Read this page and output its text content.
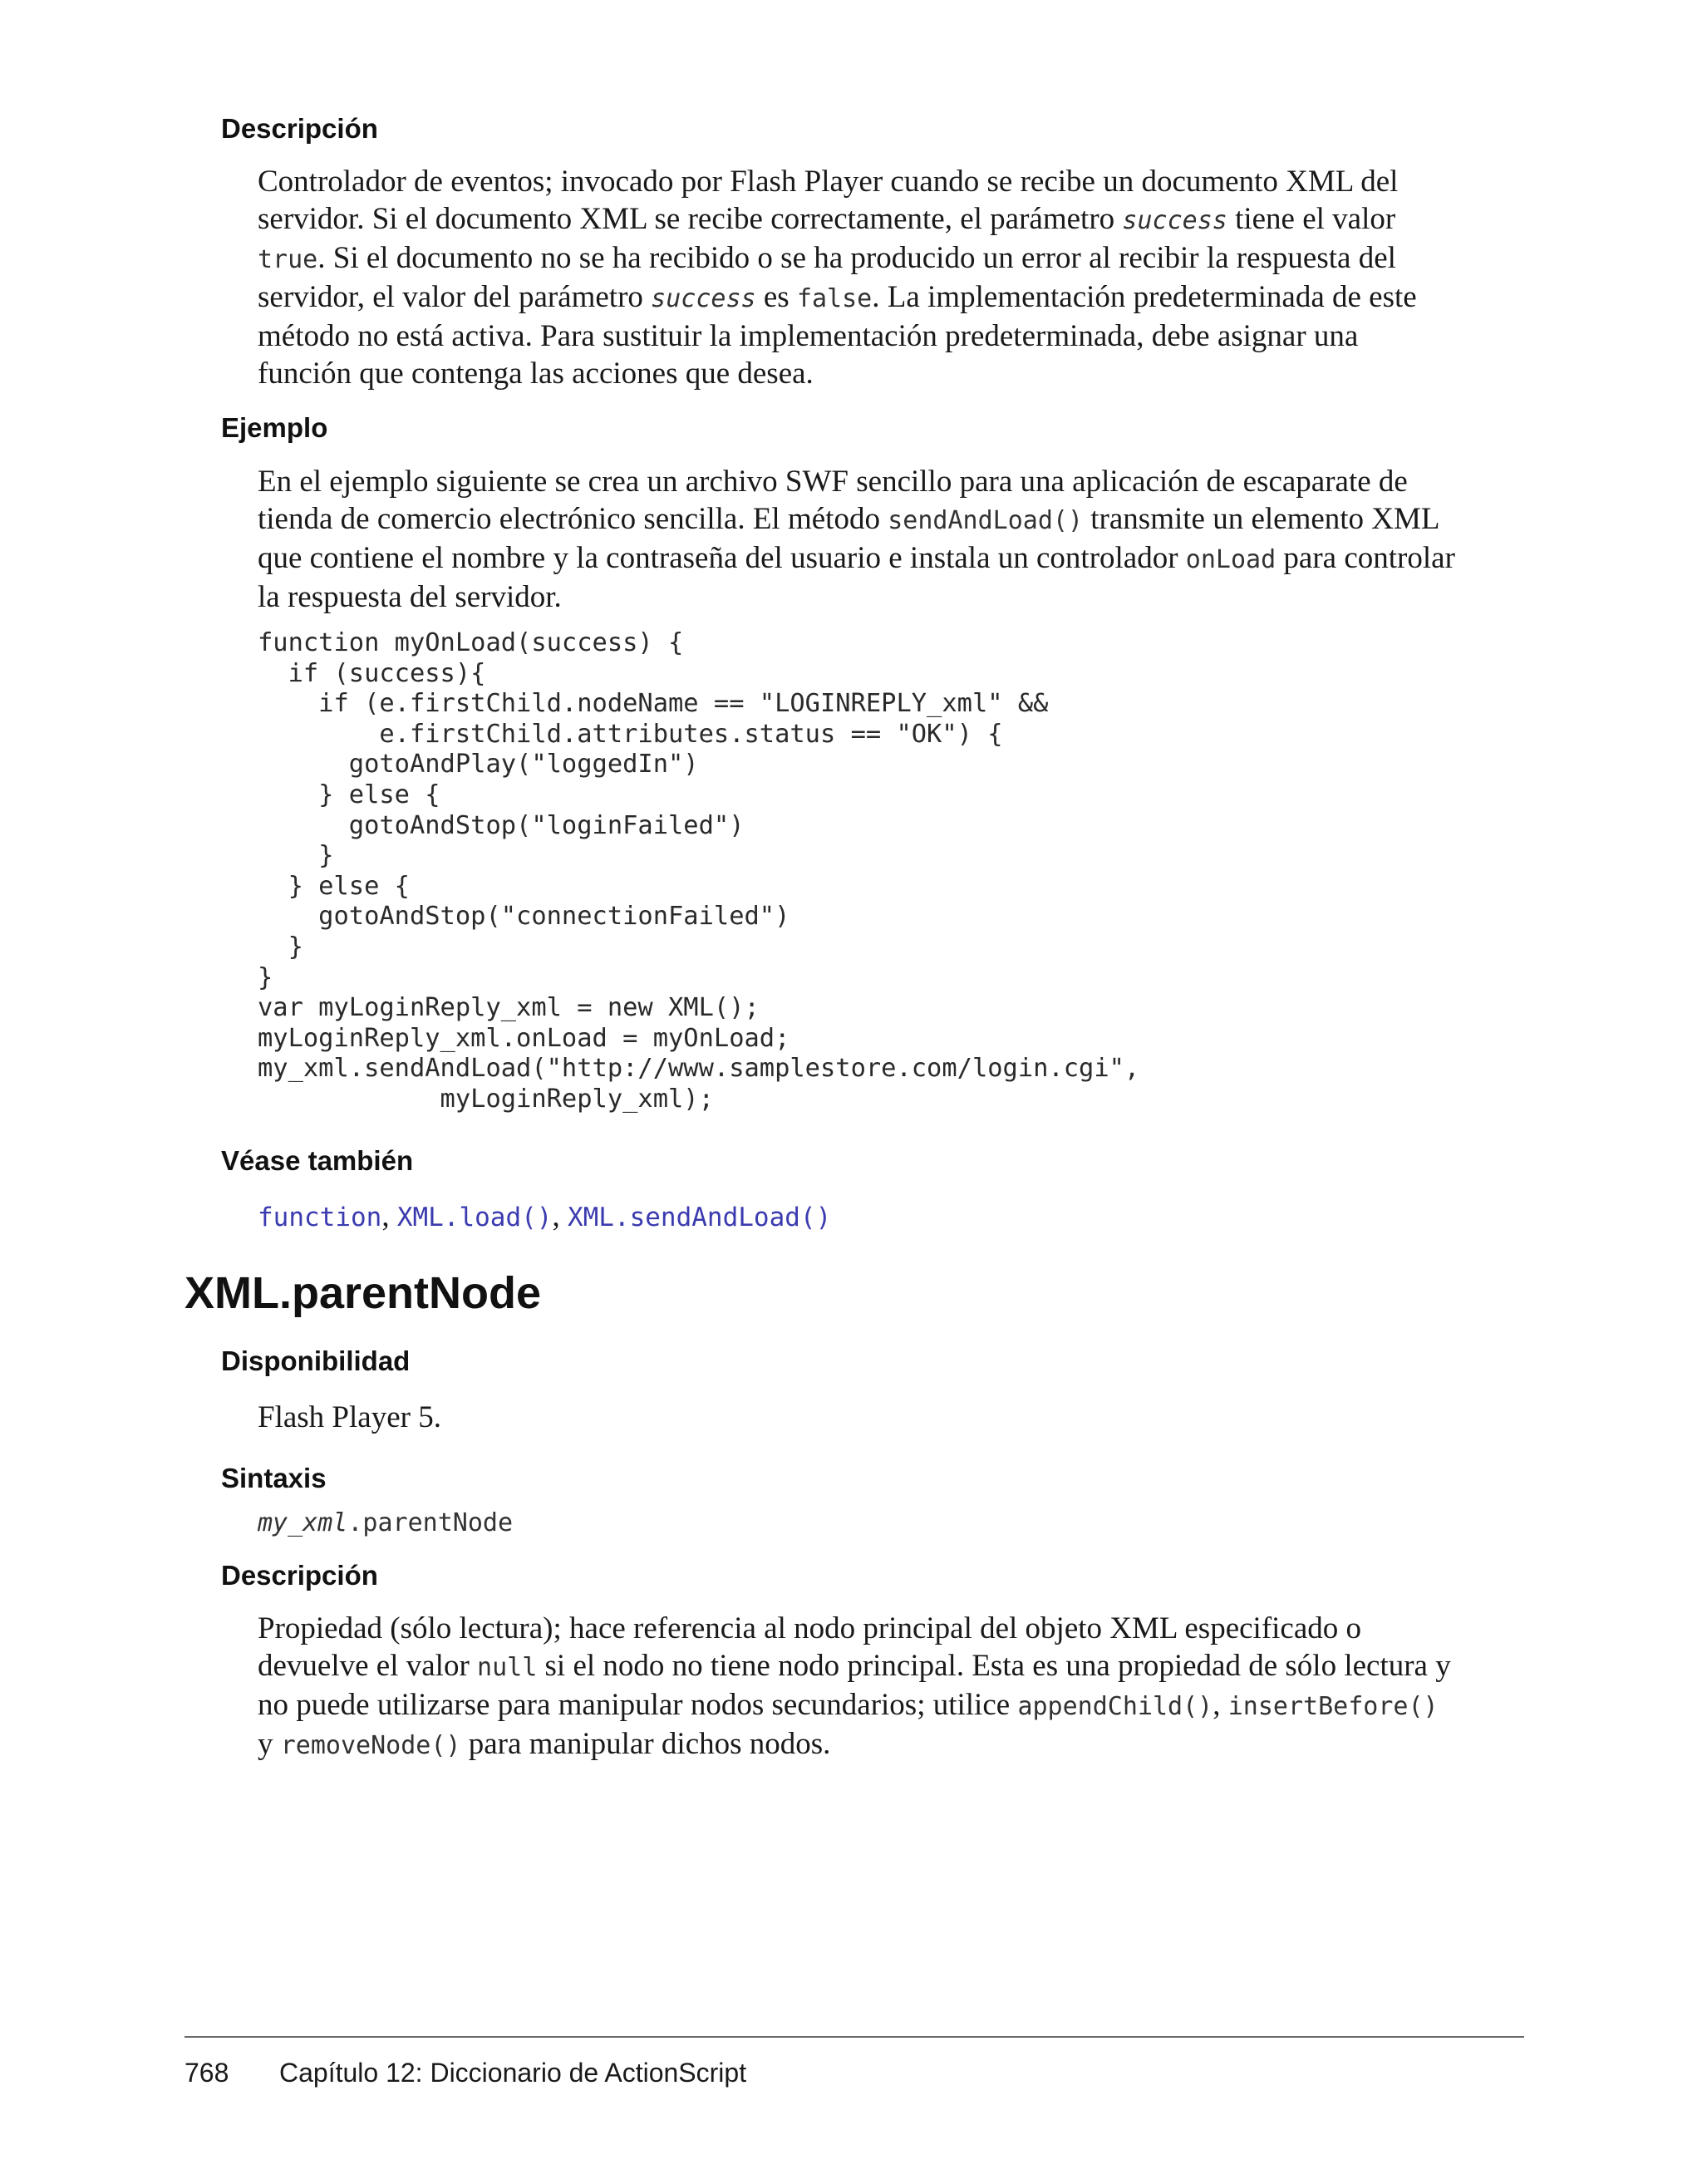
Descripción
Controlador de eventos; invocado por Flash Player cuando se recibe un documento XML del
servidor. Si el documento XML se recibe correctamente, el parámetro success tiene el valor
true. Si el documento no se ha recibido o se ha producido un error al recibir la respuesta del
servidor, el valor del parámetro success es false. La implementación predeterminada de este
método no está activa. Para sustituir la implementación predeterminada, debe asignar una
función que contenga las acciones que desea.
Ejemplo
En el ejemplo siguiente se crea un archivo SWF sencillo para una aplicación de escaparate de
tienda de comercio electrónico sencilla. El método sendAndLoad() transmite un elemento XML
que contiene el nombre y la contraseña del usuario e instala un controlador onLoad para controlar
la respuesta del servidor.
function myOnLoad(success) {
if (success){
if (e.firstChild.nodeName == "LOGINREPLY_xml" &&
e.firstChild.attributes.status == "OK") {
gotoAndPlay("loggedIn")
} else {
gotoAndStop("loginFailed")
}
} else {
gotoAndStop("connectionFailed")
}
}
var myLoginReply_xml = new XML();
myLoginReply_xml.onLoad = myOnLoad;
my_xml.sendAndLoad("http://www.samplestore.com/login.cgi",
myLoginReply_xml);
Véase también
function, XML.load(), XML.sendAndLoad()
XML.parentNode
Disponibilidad
Flash Player 5.
Sintaxis
my_xml.parentNode
Descripción
Propiedad (sólo lectura); hace referencia al nodo principal del objeto XML especificado o
devuelve el valor null si el nodo no tiene nodo principal. Esta es una propiedad de sólo lectura y
no puede utilizarse para manipular nodos secundarios; utilice appendChild(), insertBefore()
y removeNode() para manipular dichos nodos.
768 Capítulo 12: Diccionario de ActionScript
